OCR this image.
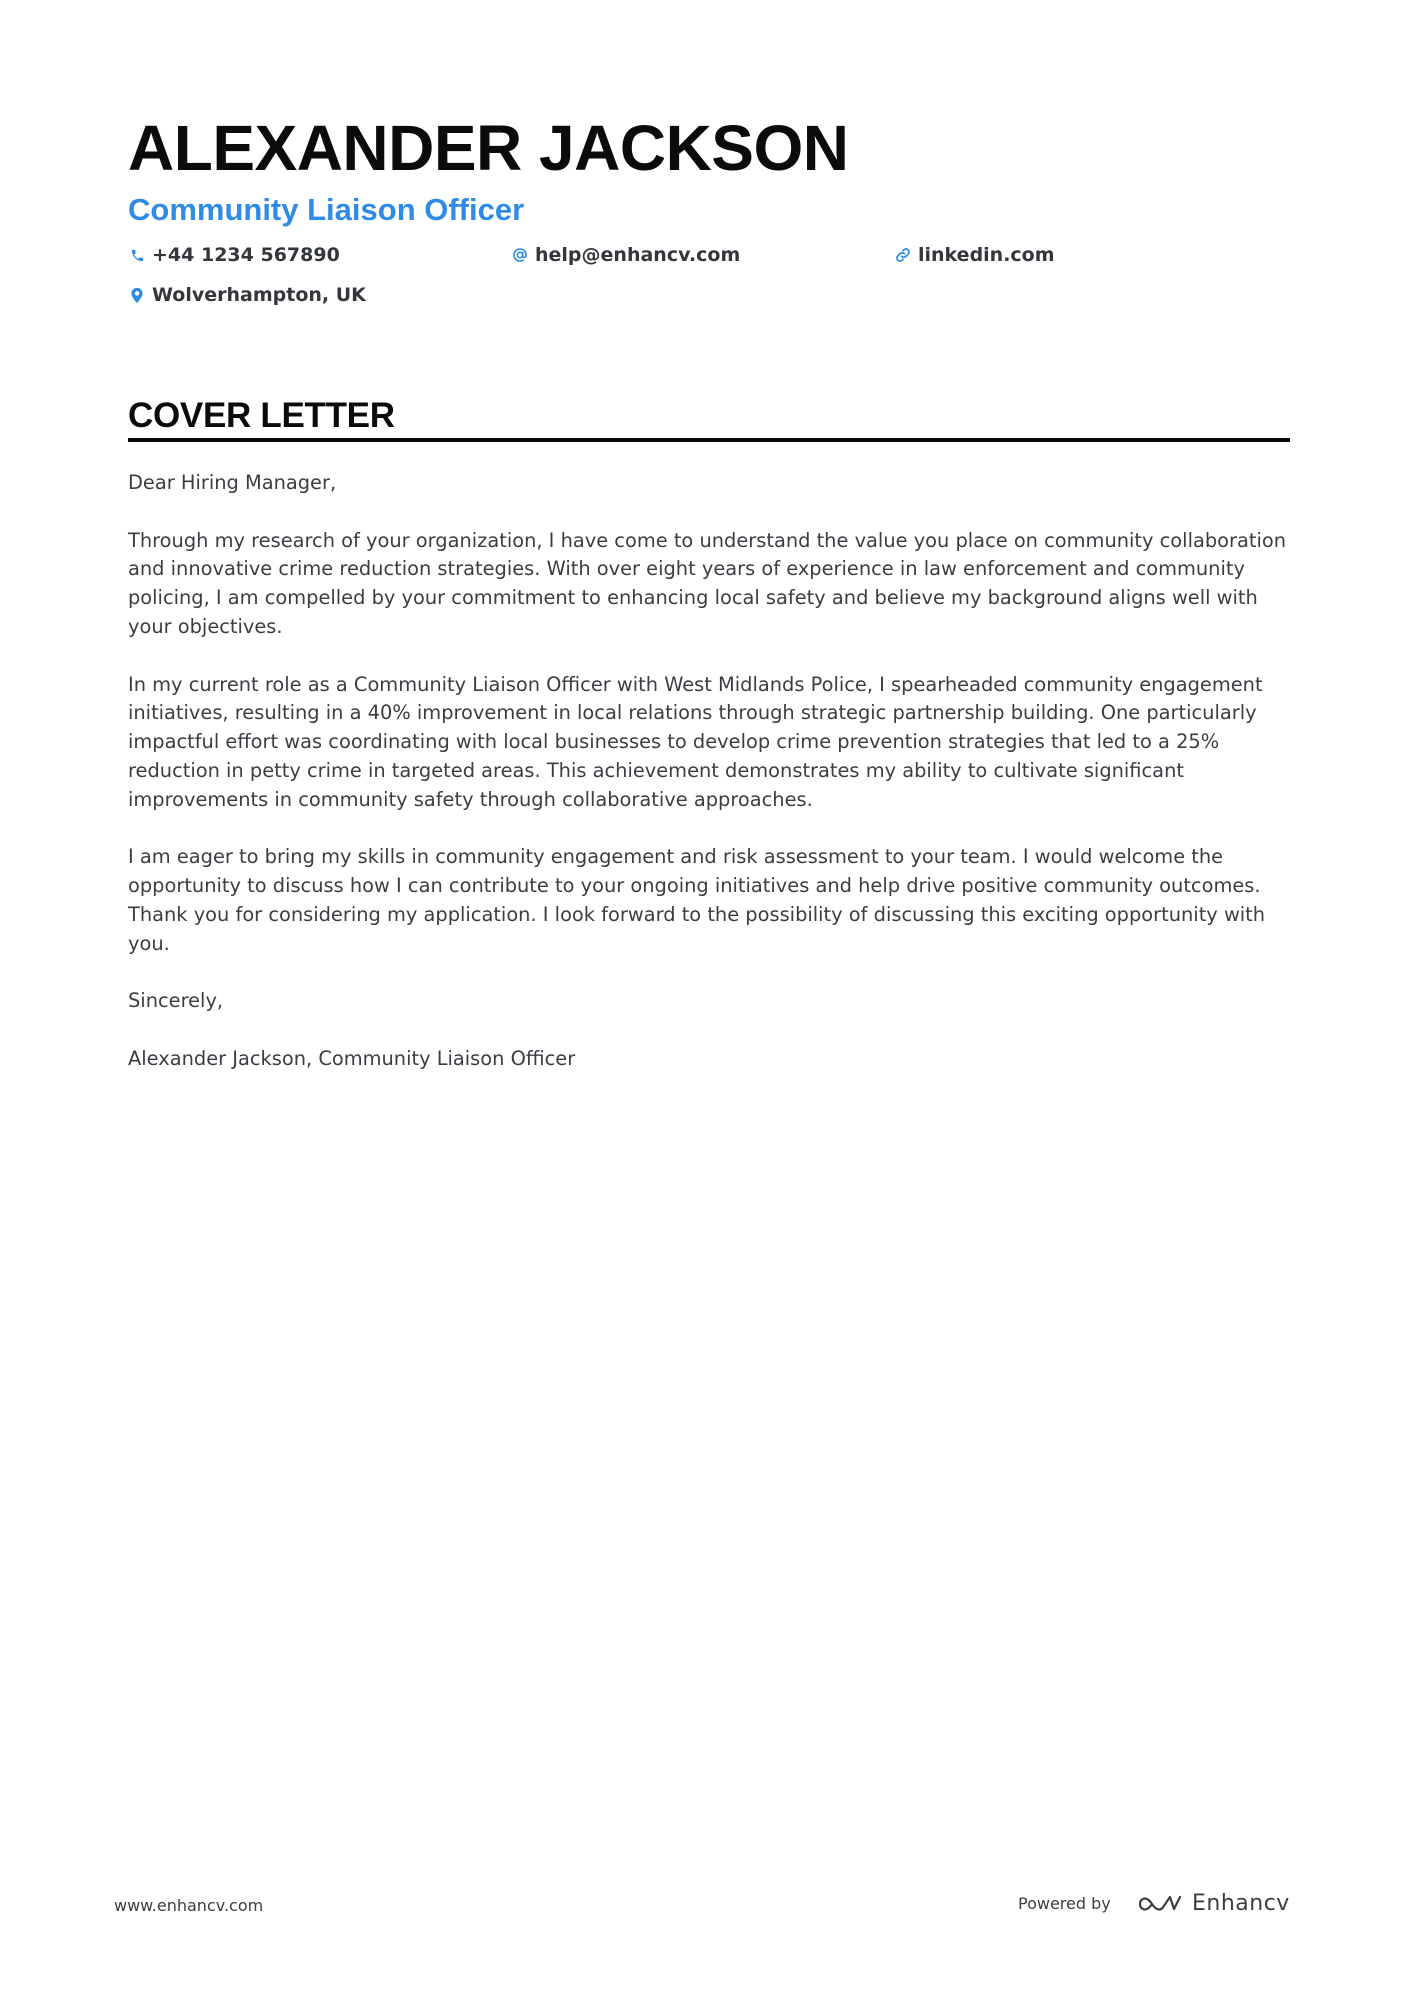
ALEXANDER JACKSON
Community Liaison Officer
+44 1234 567890	help@enhancv.com	linkedin.com
Wolverhampton, UK
COVER LETTER

Dear Hiring Manager,

Through my research of your organization, I have come to understand the value you place on community collaboration and innovative crime reduction strategies. With over eight years of experience in law enforcement and community policing, I am compelled by your commitment to enhancing local safety and believe my background aligns well with your objectives.

In my current role as a Community Liaison Officer with West Midlands Police, I spearheaded community engagement initiatives, resulting in a 40% improvement in local relations through strategic partnership building. One particularly impactful effort was coordinating with local businesses to develop crime prevention strategies that led to a 25% reduction in petty crime in targeted areas. This achievement demonstrates my ability to cultivate significant improvements in community safety through collaborative approaches.

I am eager to bring my skills in community engagement and risk assessment to your team. I would welcome the opportunity to discuss how I can contribute to your ongoing initiatives and help drive positive community outcomes. Thank you for considering my application. I look forward to the possibility of discussing this exciting opportunity with you.

Sincerely,

Alexander Jackson, Community Liaison Officer

www.enhancv.com	Powered by	Enhancv
